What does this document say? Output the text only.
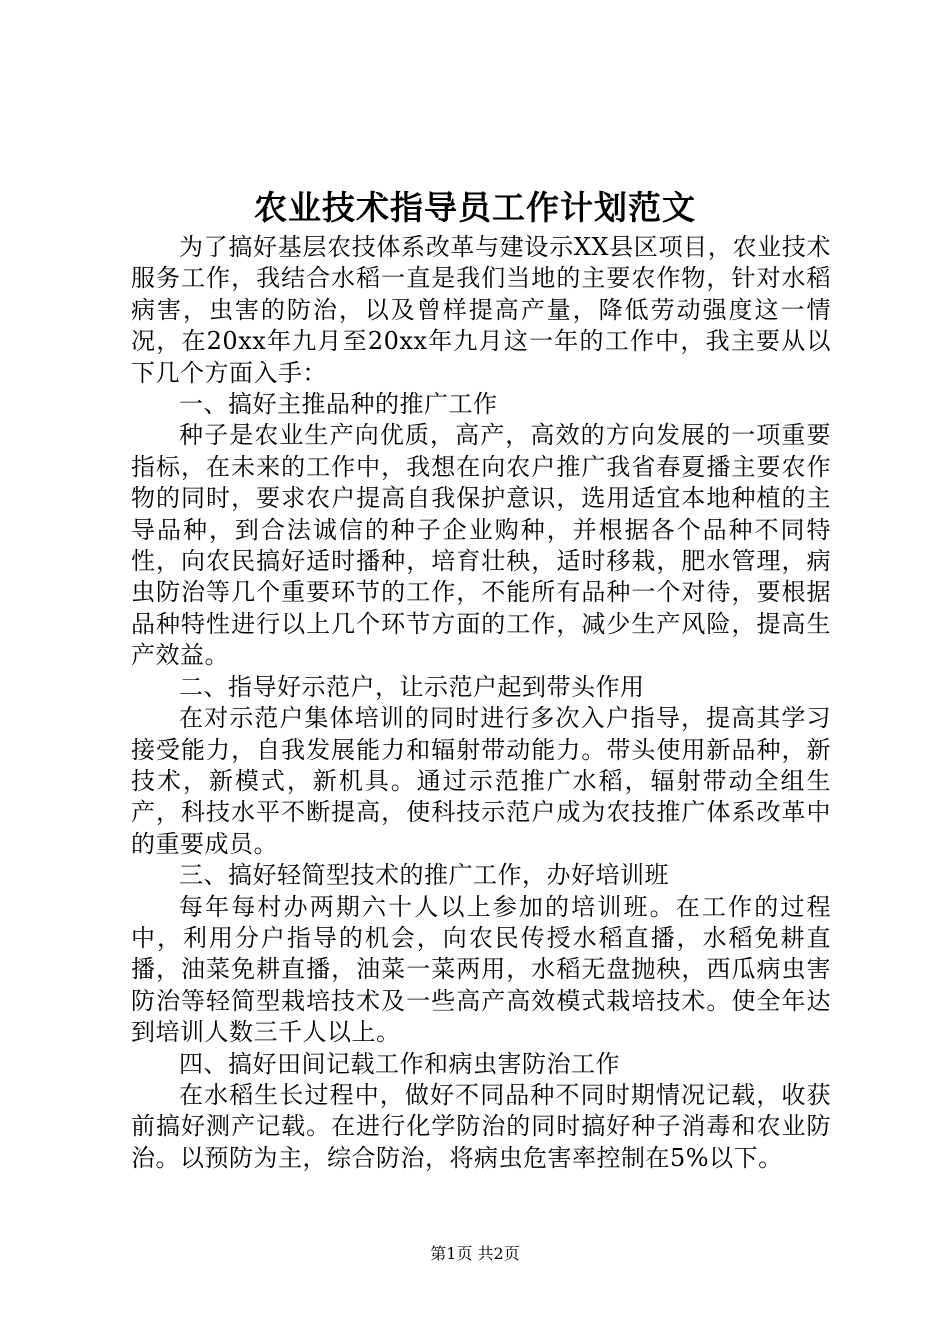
农业技术指导员工作计划范文

为了搞好基层农技体系改革与建设示XX县区项目，农业技术服务工作，我结合水稻一直是我们当地的主要农作物，针对水稻病害，虫害的防治，以及曾样提高产量，降低劳动强度这一情况，在20xx年九月至20xx年九月这一年的工作中，我主要从以下几个方面入手：

一、搞好主推品种的推广工作

种子是农业生产向优质，高产，高效的方向发展的一项重要指标，在未来的工作中，我想在向农户推广我省春夏播主要农作物的同时，要求农户提高自我保护意识，选用适宜本地种植的主导品种，到合法诚信的种子企业购种，并根据各个品种不同特性，向农民搞好适时播种，培育壮秧，适时移栽，肥水管理，病虫防治等几个重要环节的工作，不能所有品种一个对待，要根据品种特性进行以上几个环节方面的工作，减少生产风险，提高生产效益。

二、指导好示范户，让示范户起到带头作用

在对示范户集体培训的同时进行多次入户指导，提高其学习接受能力，自我发展能力和辐射带动能力。带头使用新品种，新技术，新模式，新机具。通过示范推广水稻，辐射带动全组生产，科技水平不断提高，使科技示范户成为农技推广体系改革中的重要成员。

三、搞好轻简型技术的推广工作，办好培训班

每年每村办两期六十人以上参加的培训班。在工作的过程中，利用分户指导的机会，向农民传授水稻直播，水稻免耕直播，油菜免耕直播，油菜一菜两用，水稻无盘抛秧，西瓜病虫害防治等轻简型栽培技术及一些高产高效模式栽培技术。使全年达到培训人数三千人以上。

四、搞好田间记载工作和病虫害防治工作

在水稻生长过程中，做好不同品种不同时期情况记载，收获前搞好测产记载。在进行化学防治的同时搞好种子消毒和农业防治。以预防为主，综合防治，将病虫危害率控制在5%以下。

第1页 共2页
